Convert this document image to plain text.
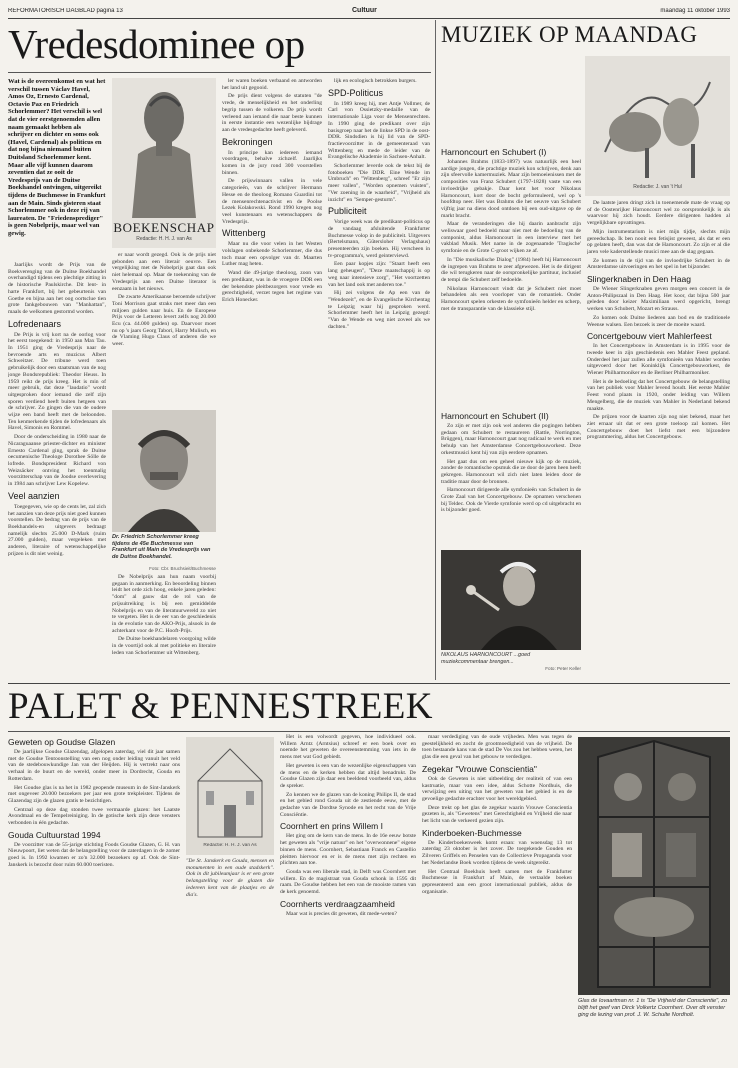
REFORMATORISCH DAGBLAD pagina 13	Cultuur	maandag 11 oktober 1993
Vredesdominee op
Wat is de overeenkomst en wat het verschil tussen Václav Havel, Amos Oz, Ernesto Cardenal, Octavio Paz en Friedrich Schorlemmer? Het verschil is wel dat de vier eerstgenoemden allen naam gemaakt hebben als schrijver en dichter en soms ook (Havel, Cardenal) als politicus en dat nog bijna niemand buiten Duitsland Schorlemmer kent. Maar alle vijf kunnen daarom zeventien dat ze ooit de Vredesprijs van de Duitse Boekhandel ontvingen, uitgereikt tijdens de Buchmesse in Frankfurt aan de Main. Sinds gisteren staat Schorlemmer ook in deze rij van laureaten. De "Friedensprediger" is geen Nobelprijs, maar wel van gewig.	BOEKENSCHAP
Redactie: H. H. J. van As

er naar wordt gezegd. Ook is de prijs niet gebonden aan een literair oeuvre. Een vergelijking met de Nobelprijs gaat dan ook niet helemaal op. Maar de toekenning van de Vredesprijs aan een Duitse literator is eenzaam in het nieuws.

De zwarte Amerikaanse beroemde schrijver Toni Morrison gaat straks met meer dan een miljoen gulden naar huis. En de Europese Prijs voor de Letteren levert zelfs nog 20.000 Ecu (ca. 44.000 gulden) op. Daarvoor moet nu op 's jaars Georg Tabori, Harry Mulisch, en de Vlaming Hugo Claus of anderen die we weer.

Jaarlijks wordt de Prijs van de Boekverenging van de Duitse Boekhandel overhandigd tijdens een plechtige zitting in de historische Paulskirche. Dit lent- in harte Frankfort, bij het gebeurtenis van Goethe en bijna aan het oog oortsclue tien grote fankgebouwen van "Manhattan", maals de welkomen gestormd worden.

Lofredenaars

De Prijs is vrij kort na de oorlog voor het eerst toegekend: in 1950 aan Max Tau. In 1951 ging de Vredesprijs naar de bevroende arts en muzicus Albert Schweitzer. De tribune werd toen gebruikelijk door een staatsman van de nog jonge Bondsrepubliek: Theodor Heuss. In 1959 reikt de prijs kreeg. Het is min of meer gebruik, dat deze "laudatio" wordt uitgesproken door iemand die zelf zijn sporen verdiend heeft buiten hetgeen van de schrijver. Zo gingen die van de oudere wijze een band heeft met de beloonden. Ten kenmerkende tijden de lofredenaars als Havel, Simonis en Rommel.

Door de onderscheiding in 1980 naar de Nicaraguaanse priester-dichter en minister Ernesto Cardenal ging, sprak de Duitse oecumenische Theologe Dorothee Sölle de lofrede. Bondspresident Richard von Weizsäcker ontving het toenmalig voorzitterschap van de Joodse overlevering in 1984 aan schrijver Lew Kopelew.

Veel aanzien

Toegegeven, wie op de cents let, zal zich het aanzien van deze prijs niet goed kunnen voorstellen. De bedrag van de prijs van de Boekhandels-en uitgevers bedraagt namelijk slechts 25.000 D-Mark (ruim 27.000 gulden), maar vergeleken met anderen, literaire of wetenschappelijke prijzen is dit niet weinig.

Dr. Friedrich Schorlemmer kreeg tijdens de 45e Buchmesse van Frankfurt uit Main de Vredesprijs van de Duitse Boekhandel.
Foto: Cbr. Bruchsieit/Buchmesse

De Nobelprijs aan hun naam voorbij gegaan in aanmerking. En beoordeling binnen leidt het orde zich hoog, enkele jaren geleden: "dom" al gauw dat de rol van de prijsuitreiking is bij een gemiddelde Nobelprijs en van de literatuurwereld zo niet te vergeten. Het is de eer van de geschiedenis in de evolutie van de AKO-Prijs, alsook in de achterkant voor de P.C. Hooft-Prijs.

De Duitse boekhandelaren voorgoing wilde in de voortijd ook al met politieke en literaire leden van Schorlemmer uit Wittenberg.

ler waren boeken verbaand en antworden het land uit gegooid.

De prijs dient volgens de statuten "de vrede, de menselijkheid en het onderling begrip tussen de volkeren. De prijs wordt verleend aan iemand die naar beste kunnen in eerste instantie een wezenlijke bijdrage aan de vredesgedachte heeft geleverd.

Bekroningen

In principe kan iedereen iemand voordragen, behalve zichzelf. Jaarlijks komen in de jury rond 300 voorstellen binnen.

De prijswinnaars vallen in vele categorieën, van de schrijver Hermann Hesse en de theoloog Romano Guardini tot de mensenrechtenactivist en de Poolse Lezek Kolakowski. Rond 1990 kregen nog veel kunstenaars en wetenschappers de Vredesprijs.

Wittenberg

Maar nu die voor velen in het Westen volslagen onbekende Schorlemmer, die dus toch maar een opvolger van dr. Maarten Luther mag heten.

Wand die 49-jarige theoloog, zoon van een predikant, was in de vroegere DDR een der bekendste pleitbezorgers voor vrede en gerechtigheid, verzet tegen het regime van Erich Honecker.

lijk en ecologisch betrokken burgers.

SPD-Politicus

In 1989 kreeg hij, met Antje Vollmer, de Carl von Ossietzky-medaille van de internationale Liga voor de Mensenrechten. In 1990 ging de predikant over zijn basisgroep naar het de linkse SPD in de oost-DDR. Sindsdien is hij lid van de SPD-fractievoorzitter in de gemeenteraad van Wittenberg en mede de leider van de Evangelische Akademie in Sachsen-Anhalt.

Schorlemmer leverde ook de tekst bij de fotoboeken "Die DDR. Eine Wende im Umbruch" en "Wittenberg", schreef "Er zijn meer vallen", "Worden opnemen vuisten", "Ver zoening in de waarheid", "Vrijheid als inzicht" en "Semper-gesturm".

Publiciteit

Vorige week was de predikant-politicus op de vandaag afsluitende Frankfurter Buchmesse volop in de publiciteit. Uitgevers (Bertelsmann, Gütersloher Verlagshaus) presenteerden zijn boeken. Hij verscheen in tv-programma's, werd geinterviewd.

Een paar kopjes zijn: "Staart heeft een lang geheugen", "Deze maatschappij is op weg naar intensieve zorg", "Het voortzetten van het land ook met anderen toe."

Hij zei volgens de Ap een van de "Wendezeit", en de Evangelische Kirchentag te Leipzig waar hij gesproken werd. Schorlemmer heeft het in Leipzig gezegd: "Van de Wende en weg niet zoveel als we dachten."

MUZIEK OP MAANDAG
Redactie: J. van 't Hul
Harnoncourt en Schubert (I)

Johannes Brahms (1833-1897) was natuurlijk een heel aardige jongen, die prachtige muziek kon schrijven, denk aan zijn sfeervolle kamermuziek. Maar zijn bemoeienissen met de composities van Franz Schubert (1797-1828) vaste van een invloedrijke gebakje. Daar kent het voor Nikolaus Harnoncourt, kort door de bocht geformuleerd, wel op 's hoofdtop neer. Het was Brahms die het oeuvre van Schubert vijftig jaar na diens dood ontdoen bij een oud-uitgave op de markt bracht.

Maar de veranderingen die hij daarin aanbracht zijn weliswaar goed bedoeld maar niet met de bedoeling van de componist, aldus Harnoncourt in een interview met het vakblad Musik. Met name in de zogenaamde 'Tragische' symfonie en de Grote C-groot wijken ze af.

In "Die musikalische Dialog" (1984) heeft hij Harnoncourt de ingrepen van Brahms te zeer afgewezen. Het is de dirigent die wil terugkeren naar de oorspronkelijke partituur, inclusief de tempi die Schubert zelf bedoelde.

Nikolaus Harnoncourt vindt dat je Schubert niet moet behandelen als een voorloper van de romantiek. Onder Harnoncourt spelen orkesten de symfonieën helder en scherp, met de transparantie van de klassieke stijl.

Harnoncourt en Schubert (II)

Zo zijn er met zijn ook wel anderen die pogingen hebben gedaan om Schubert te restaureren (Rattle, Norrington, Brüggen), maar Harnoncourt gaat nog radicaal te werk en met behulp van het Amsterdamse Concertgebouworkest. Deze orkestmusici kent hij van zijn eerdere opnamen.

Het gaat dus om een geheel nieuwe kijk op de muziek, zonder de romantische opsmuk die ze door de jaren heen heeft gekregen. Harnoncourt wil zich niet laten leiden door de traditie maar door de bronnen.

Harnoncourt dirigeerde alle symfonieën van Schubert in de Grote Zaal van het Concertgebouw. De opnamen verschenen bij Teldec. Ook de Vierde symfonie werd op cd uitgebracht en is bijzonder goed.

NIKOLAUS HARNONCOURT ...goed muziekcommentaar brengen...
Foto: Peter Keller

De laatste jaren dringt zich in toenemende mate de vraag op of de Oostenrijker Harnoncourt wel zo oorspronkelijk is als waarvoor hij zich houdt. Eerdere dirigenten hadden al vergelijkbare opvattingen.

Mijn instrumentarium is niet mijn tijdje, slechts mijn gereedschap. Ik ben nooit een fetisjist geweest, als dat er een op gelaten heeft, dan was dat de Harnoncourt. Zo zijn er al die jaren vele kaderstellende musici mee aan de slag gegaan.

Ze komen in de tijd van de invloedrijke Schubert in de Amsterdamse uitvoeringen en het spel in het bijzonder.

Slingerknaben in Den Haag

De Wiener Slingerknaben geven morgen een concert in de Anton-Philipszaal in Den Haag. Het koor, dat bijna 500 jaar geleden door keizer Maximiliaan werd opgericht, brengt werken van Schubert, Mozart en Strauss.

Zo komen ook Duitse liederen aan bod en de traditionele Weense walsen. Een bezoek is zeer de moeite waard.

Concertgebouw viert Mahlerfeest

In het Concertgebouw in Amsterdam is in 1995 voor de tweede keer in zijn geschiedenis een Mahler Feest gepland. Onderdeel het jaar zullen alle symfonieën van Mahler worden uitgevoerd door het Koninklijk Concertgebouworkest, de Wiener Philharmoniker en de Berliner Philharmoniker.

Het is de bedoeling dat het Concertgebouw de belangstelling van het publiek voor Mahler levend houdt. Het eerste Mahler Feest vond plaats in 1920, onder leiding van Willem Mengelberg, die de muziek van Mahler in Nederland bekend maakte.

De prijzen voor de kaarten zijn nog niet bekend, maar het ziet ernaar uit dat er een grote toeloop zal komen. Het Concertgebouw doet het liefst met een bijzondere programmering, aldus het Concertgebouw.

PALET & PENNESTREEK
Geweten op Goudse Glazen

De jaarlijkse Goudse Glazendag, afgelopen zaterdag, viel dit jaar samen met de Goudse Tentoonstelling van een nog onder leiding vanuit het veld van de stedebouwkundige Jan van der Heijden. Hij is vertrekt naar ons verhaal in de buurt en de wereld, onder meer in Dordrecht, Gouda en Rotterdam.

Het Goudse glas is na het in 1982 geopende museum in de Sint-Janskerk met ongeveer 20.000 bezoekers per jaar een grote trekpleister. Tijdens de Glazendag zijn de glazen gratis te bezichtigen.

Centraal op deze dag stonden twee vermaarde glazen: het Laatste Avondmaal en de Tempelreiniging. In de gotische kerk zijn deze vensters verbonden in één gedachte.

Gouda Cultuurstad 1994

De voorzitter van de 55-jarige stichting Foods Goudse Glazen, G. H. van Nieuwpoort, liet weten dat de belangstelling voor de zaterdagen in de zomer goed is. In 1992 kwamen er zo'n 32.000 bezoekers op af. Ook de Sint-Janskerk is bezocht door ruim 60.000 toeristen.

Redactie: H. H. J. van As
"De St. Janskerk en Gouda, mensen en monumenten in een oude stadskerk". Ook in dit jubileumjaar is er een grote belangstelling voor de glazen die iedereen kent van de plaatjes en de dia's.

Het is een volwordt gegeven, hoe individueel ook. Willem Arntz (Arntsius) schreef er een boek over en noemde het geweten de overeenstemming van iets in de mens met wat God gebiedt.

Het geweten is een van de wezenlijke eigenschappen van de mens en de kerken hebben dat altijd benadrukt. De Goudse Glazen zijn daar een beeldend voorbeeld van, aldus de spreker.

Zo kennen we de glazen van de koning Philips II, de stad en het gebied rond Gouda uit de zestiende eeuw, met de gedachte van de Dordtse Synode en het recht van de Vrije Consciëntie.

Coornhert en prins Willem I

Het ging om de kern van de mens. In de 16e eeuw botste het geweten als "vrije natuur" en het "overwonnene" eigene binnen de mens. Coornhert, Sebastiaan Franck en Castellio pleitten hiervoor en er is de mens met zijn rechten en plichten aan toe.

Gouda was een liberale stad, in Delft was Coornhert met willem. En de magistraat van Gouda schonk in 1595 dit raam. De Goudse hebben het een van de mooiste ramen van de kerk genoemd.

Coornherts verdraagzaamheid

Maar wat is precies dit geweten, dit mede-weten?

maar verdediging van de oude vrijheden. Men was tegen de geestelijkheid en zocht de grootmoedigheid van de vrijheid. De toen bestaande kans van de stad De Vos zou het hebben weten, het glas die een geval van het gebouw te verdedigen.

Zegekar "Vrouwe Conscientia"

Ook de Geweten is niet uitbeelding der realiteit of van een kastruatie, maar van een idee, aldus Schotte Nordhuis, die verwijzing een uiting van het geweten van het gebied is en de gevoelige gedachte erachter voor het wereldgebied.

Deze trekt op het glas de zegekar waarin Vrouwe Conscientia gezeten is, als "Gewetens" met Gerechtigheid en Vrijheid die naar het licht van de verkeerd gezien zijn.

Kinderboeken-Buchmesse

De Kinderboekenweek komt eraan: van woensdag 13 tot zaterdag 23 oktober is het zover. De toegekende Gouden en Zilveren Griffels en Penselen van de Collectieve Propaganda voor het Nederlandse Boek worden tijdens de week uitgereikt.

Het Centraal Boekhuis heeft samen met de Frankfurter Buchmesse in Frankfurt af Main, de vertaalde boeken gepresenteerd aan een groot internationaal publiek, aldus de organisatie.

Glas de Iovaartman nr. 1 is "De Vrijheid der Conscientie", zo blijft het geef van Dirck Volkertz Coornhert. Over dit venster ging de lezing van prof. J. W. Schulte Nordholt.
